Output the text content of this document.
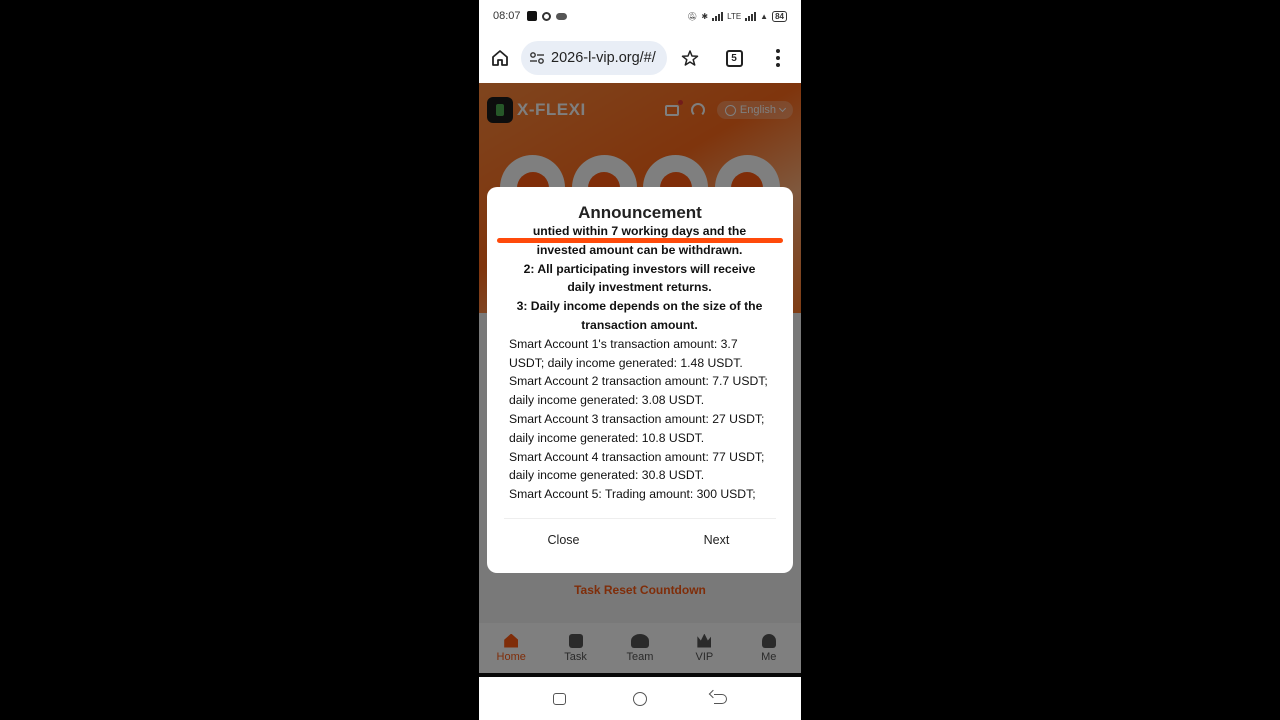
08:07	🔕︎ ✱ LTE ▲ 84
2026-l-vip.org/#/	5
Announcement
untied within 7 working days and the invested amount can be withdrawn.
2: All participating investors will receive daily investment returns.
3: Daily income depends on the size of the transaction amount.
Smart Account 1's transaction amount: 3.7 USDT; daily income generated: 1.48 USDT.
Smart Account 2 transaction amount: 7.7 USDT; daily income generated: 3.08 USDT.
Smart Account 3 transaction amount: 27 USDT; daily income generated: 10.8 USDT.
Smart Account 4 transaction amount: 77 USDT; daily income generated: 30.8 USDT.
Smart Account 5: Trading amount: 300 USDT;
Close	Next
